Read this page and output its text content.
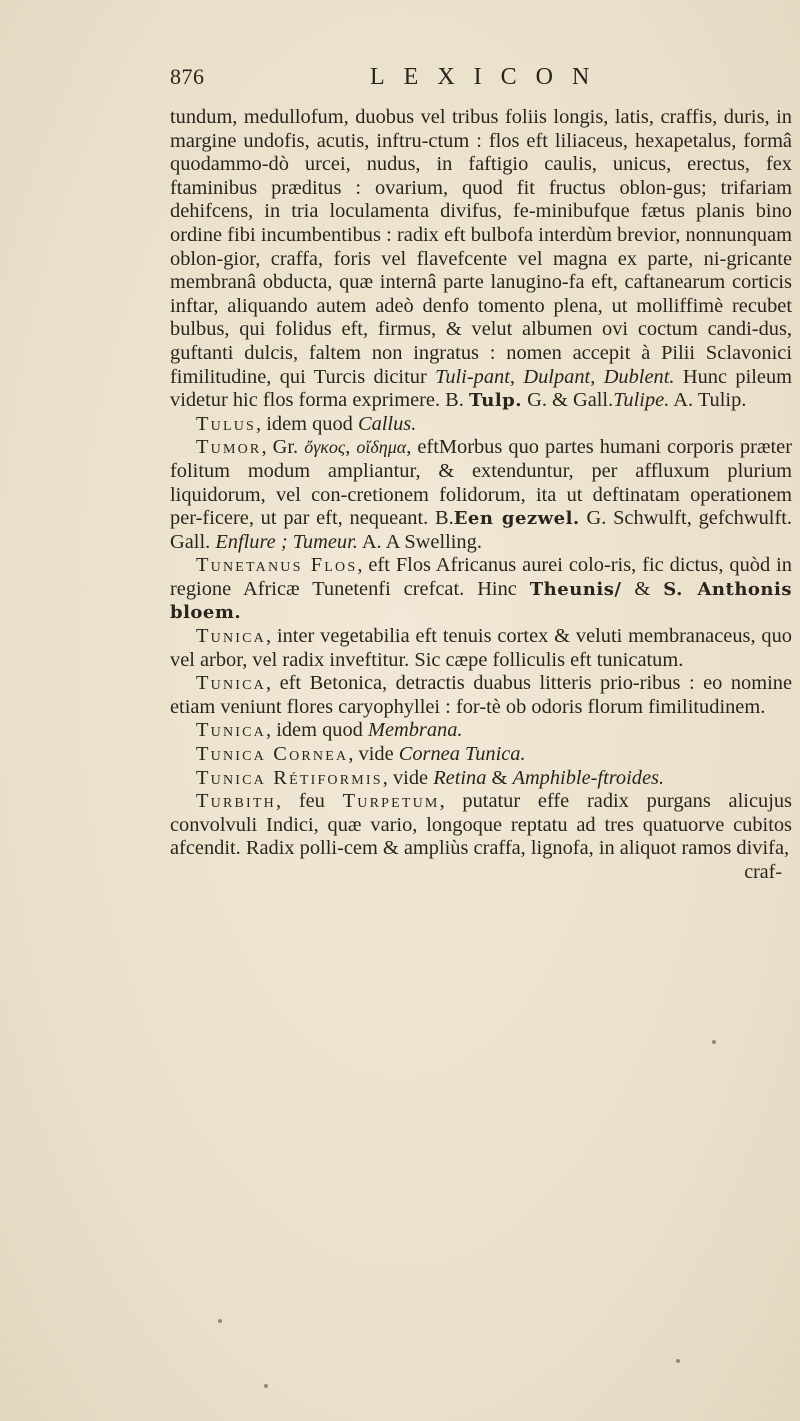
876	LEXICON

tundum, medullofum, duobus vel tribus foliis longis, latis, craffis, duris, in margine undofis, acutis, inftru-ctum : flos eft liliaceus, hexapetalus, formâ quodammo-dò urcei, nudus, in faftigio caulis, unicus, erectus, fex ftaminibus præditus : ovarium, quod fit fructus oblon-gus; trifariam dehifcens, in tria loculamenta divifus, fe-minibufque fætus planis bino ordine fibi incumbentibus : radix eft bulbofa interdùm brevior, nonnunquam oblon-gior, craffa, foris vel flavefcente vel magna ex parte, ni-gricante membranâ obducta, quæ internâ parte lanugino-fa eft, caftanearum corticis inftar, aliquando autem adeò denfo tomento plena, ut molliffimè recubet bulbus, qui folidus eft, firmus, & velut albumen ovi coctum candi-dus, guftanti dulcis, faltem non ingratus : nomen accepit à Pilii Sclavonici fimilitudine, qui Turcis dicitur Tuli-pant, Dulpant, Dublent. Hunc pileum videtur hic flos forma exprimere. B. Tulp. G. & Gall.Tulipe. A. Tulip.

Tulus, idem quod Callus.

Tumor, Gr. ὄγκος, οἴδημα, eftMorbus quo partes humani corporis præter folitum modum ampliantur, & extenduntur, per affluxum plurium liquidorum, vel con-cretionem folidorum, ita ut deftinatam operationem per-ficere, ut par eft, nequeant. B.Een gezwel. G. Schwulft, gefchwulft. Gall. Enflure ; Tumeur. A. A Swelling.

Tunetanus Flos, eft Flos Africanus aurei colo-ris, fic dictus, quòd in regione Africæ Tunetenfi crefcat. Hinc Theunis/ & S. Anthonis bloem.

Tunica, inter vegetabilia eft tenuis cortex & veluti membranaceus, quo vel arbor, vel radix inveftitur. Sic cæpe folliculis eft tunicatum.

Tunica, eft Betonica, detractis duabus litteris prio-ribus : eo nomine etiam veniunt flores caryophyllei : for-tè ob odoris florum fimilitudinem.

Tunica, idem quod Membrana.

Tunica Cornea, vide Cornea Tunica.

Tunica Rétiformis, vide Retina & Amphible-ftroides.

Turbith, feu Turpetum, putatur effe radix purgans alicujus convolvuli Indici, quæ vario, longoque reptatu ad tres quatuorve cubitos afcendit. Radix polli-cem & ampliùs craffa, lignofa, in aliquot ramos divifa,

craf-
